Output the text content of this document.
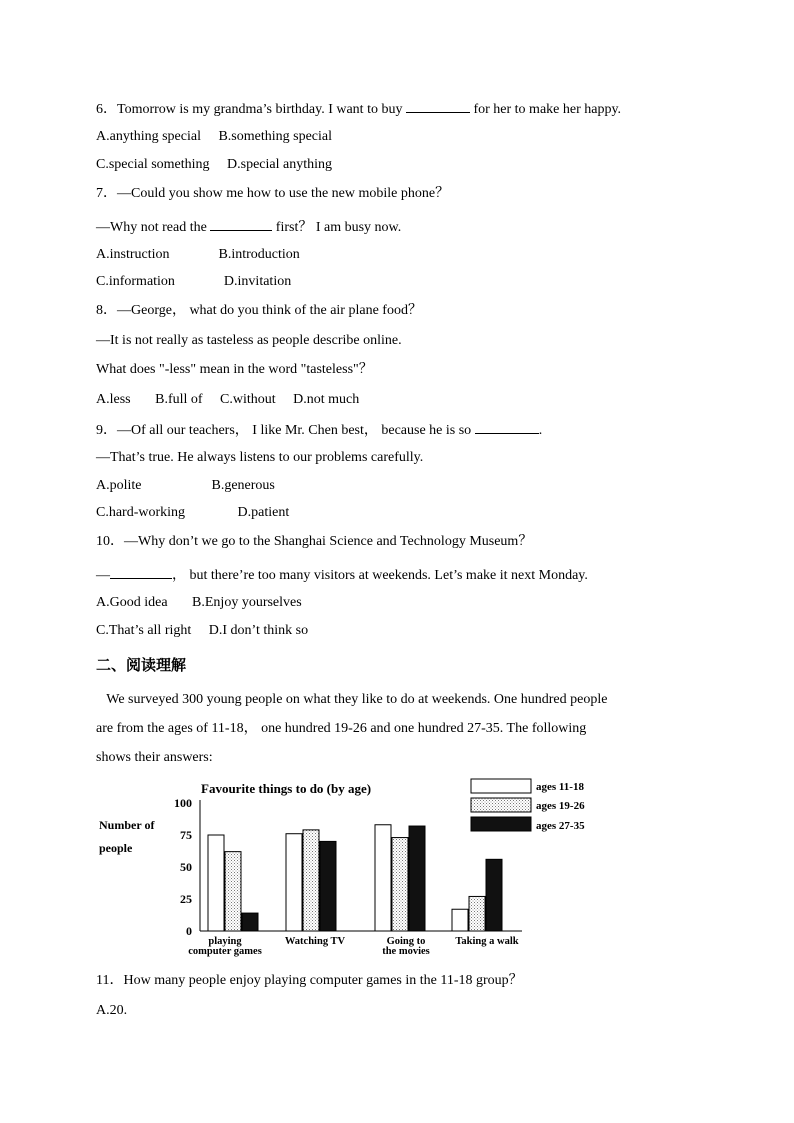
6．Tomorrow is my grandma’s birthday. I want to buy	for her to make her happy.
A.anything special     B.something special
C.special something     D.special anything
7．—Could you show me how to use the new mobile phone？
—Why not read the	first？ I am busy now.
A.instruction              B.introduction
C.information              D.invitation
8．—George， what do you think of the air plane food？
—It is not really as tasteless as people describe online.
What does "-less" mean in the word "tasteless"？
A.less       B.full of     C.without     D.not much
9．—Of all our teachers， I like Mr. Chen best， because he is so	.
—That’s true. He always listens to our problems carefully.
A.polite                    B.generous
C.hard-working               D.patient
10．—Why don’t we go to the Shanghai Science and Technology Museum？
—	， but there’re too many visitors at weekends. Let’s make it next Monday.
A.Good idea       B.Enjoy yourselves
C.That’s all right     D.I don’t think so
二、阅读理解
We surveyed 300 young people on what they like to do at weekends. One hundred people
are from the ages of 11-18， one hundred 19-26 and one hundred 27-35. The following
shows their answers:
Favourite things to do (by age)
Number of
people
0
25
50
75
100
playing
computer games
Watching TV	Going to
the movies
Taking a walk
ages 11-18
ages 19-26
ages 27-35
11．How many people enjoy playing computer games in the 11-18 group？
A.20.
